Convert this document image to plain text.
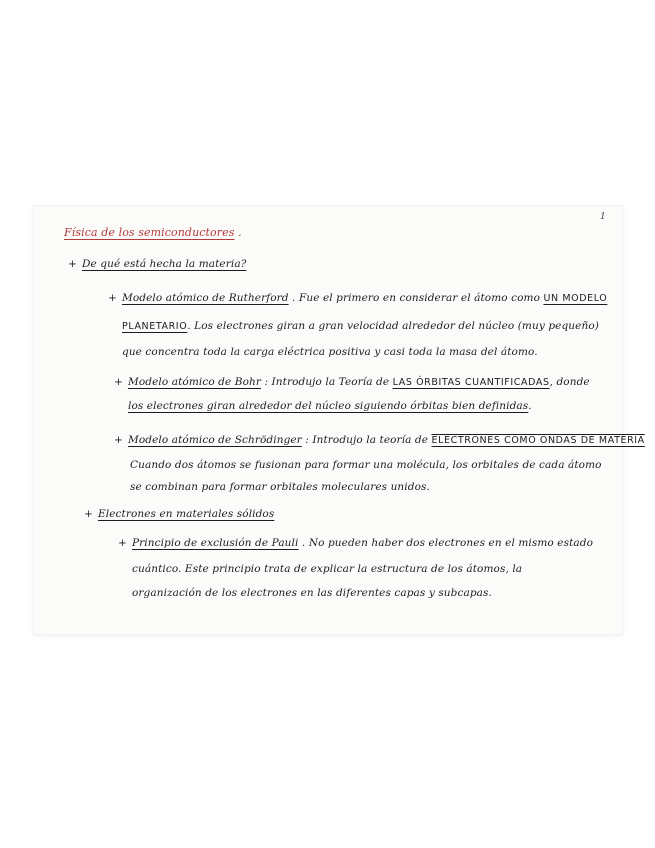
1
Física de los semiconductores .
+ De qué está hecha la materia?
+ Modelo atómico de Rutherford . Fue el primero en considerar el átomo como UN MODELO
PLANETARIO. Los electrones giran a gran velocidad alrededor del núcleo (muy pequeño)
que concentra toda la carga eléctrica positiva y casi toda la masa del átomo.
+ Modelo atómico de Bohr : Introdujo la Teoría de LAS ÓRBITAS CUANTIFICADAS, donde
los electrones giran alrededor del núcleo siguiendo órbitas bien definidas.
+ Modelo atómico de Schrödinger : Introdujo la teoría de ELECTRONES COMO ONDAS DE MATERIA
Cuando dos átomos se fusionan para formar una molécula, los orbitales de cada átomo
se combinan para formar orbitales moleculares unidos.
+ Electrones en materiales sólidos
+ Principio de exclusión de Pauli . No pueden haber dos electrones en el mismo estado
cuántico. Este principio trata de explicar la estructura de los átomos, la
organización de los electrones en las diferentes capas y subcapas.
